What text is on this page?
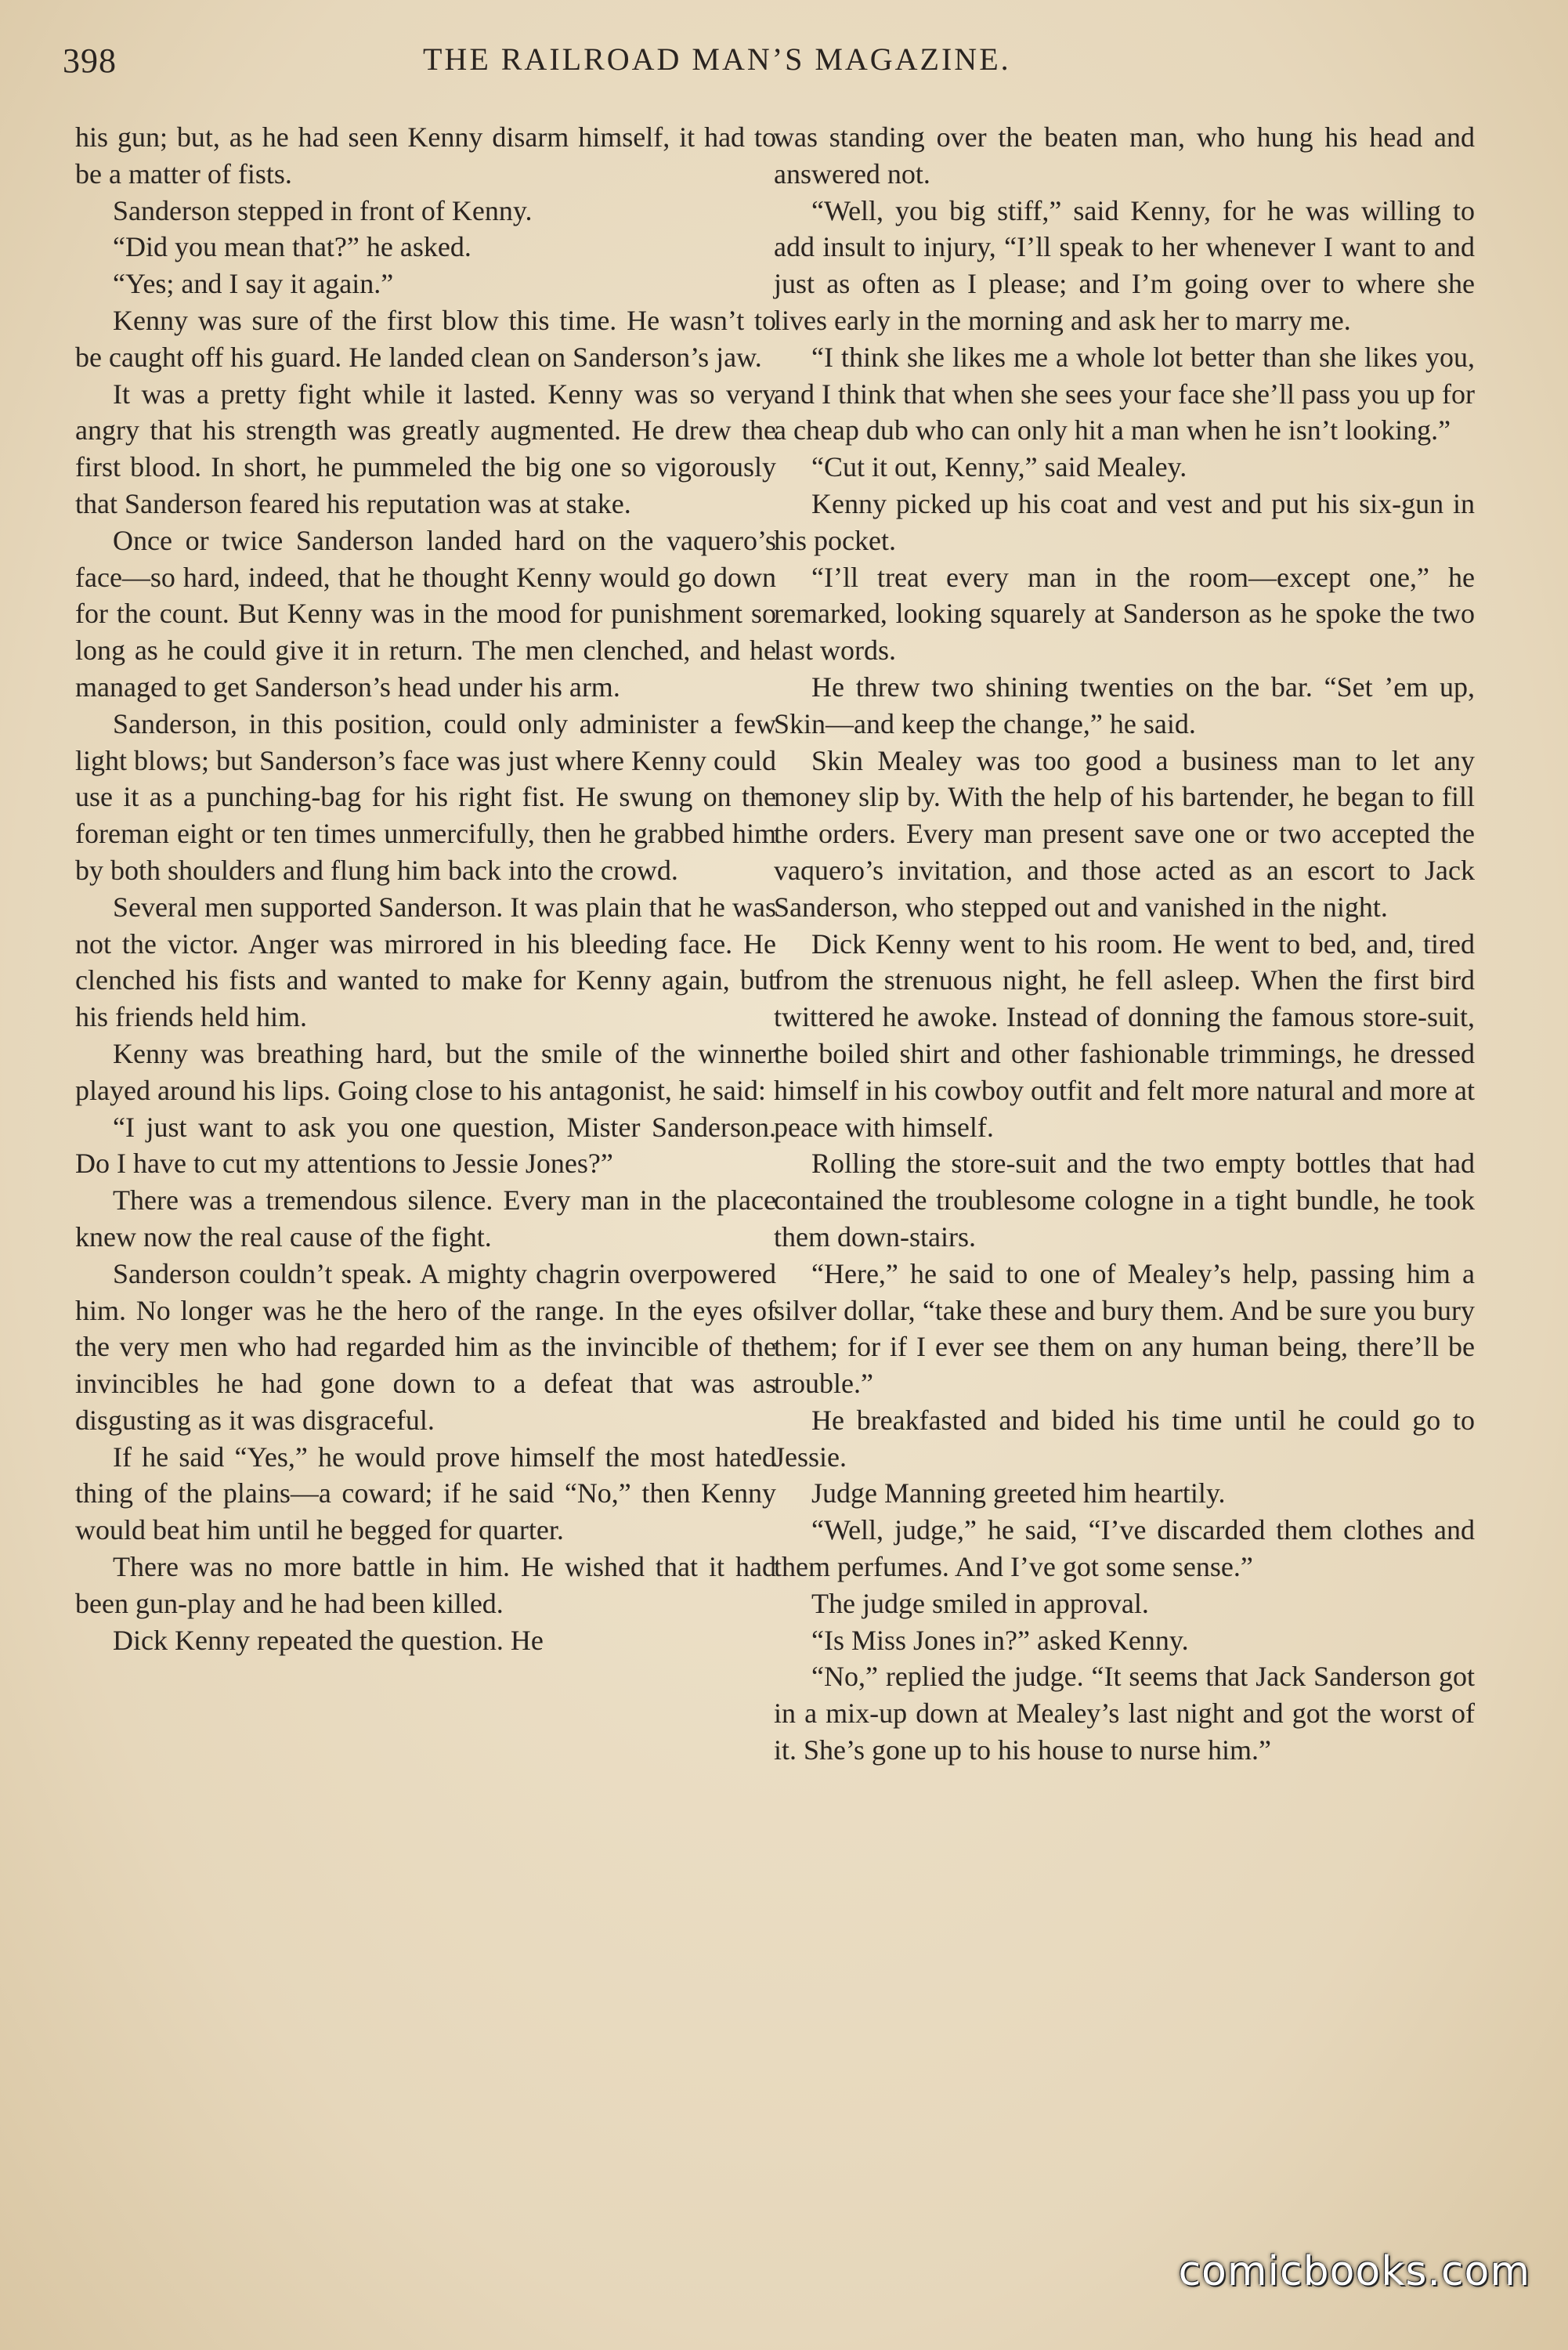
398	THE RAILROAD MAN’S MAGAZINE.

his gun; but, as he had seen Kenny disarm himself, it had to be a matter of fists.

Sanderson stepped in front of Kenny.

“Did you mean that?” he asked.

“Yes; and I say it again.”

Kenny was sure of the first blow this time. He wasn’t to be caught off his guard. He landed clean on Sanderson’s jaw.

It was a pretty fight while it lasted. Kenny was so very angry that his strength was greatly augmented. He drew the first blood. In short, he pummeled the big one so vigorously that Sanderson feared his reputation was at stake.

Once or twice Sanderson landed hard on the vaquero’s face—so hard, indeed, that he thought Kenny would go down for the count. But Kenny was in the mood for punishment so long as he could give it in return. The men clenched, and he managed to get Sanderson’s head under his arm.

Sanderson, in this position, could only administer a few light blows; but Sanderson’s face was just where Kenny could use it as a punching-bag for his right fist. He swung on the foreman eight or ten times unmercifully, then he grabbed him by both shoulders and flung him back into the crowd.

Several men supported Sanderson. It was plain that he was not the victor. Anger was mirrored in his bleeding face. He clenched his fists and wanted to make for Kenny again, but his friends held him.

Kenny was breathing hard, but the smile of the winner played around his lips. Going close to his antagonist, he said:

“I just want to ask you one question, Mister Sanderson. Do I have to cut my attentions to Jessie Jones?”

There was a tremendous silence. Every man in the place knew now the real cause of the fight.

Sanderson couldn’t speak. A mighty chagrin overpowered him. No longer was he the hero of the range. In the eyes of the very men who had regarded him as the invincible of the invincibles he had gone down to a defeat that was as disgusting as it was disgraceful.

If he said “Yes,” he would prove himself the most hated thing of the plains—a coward; if he said “No,” then Kenny would beat him until he begged for quarter.

There was no more battle in him. He wished that it had been gun-play and he had been killed.

Dick Kenny repeated the question. He

was standing over the beaten man, who hung his head and answered not.

“Well, you big stiff,” said Kenny, for he was willing to add insult to injury, “I’ll speak to her whenever I want to and just as often as I please; and I’m going over to where she lives early in the morning and ask her to marry me.

“I think she likes me a whole lot better than she likes you, and I think that when she sees your face she’ll pass you up for a cheap dub who can only hit a man when he isn’t looking.”

“Cut it out, Kenny,” said Mealey.

Kenny picked up his coat and vest and put his six-gun in his pocket.

“I’ll treat every man in the room—except one,” he remarked, looking squarely at Sanderson as he spoke the two last words.

He threw two shining twenties on the bar. “Set ’em up, Skin—and keep the change,” he said.

Skin Mealey was too good a business man to let any money slip by. With the help of his bartender, he began to fill the orders. Every man present save one or two accepted the vaquero’s invitation, and those acted as an escort to Jack Sanderson, who stepped out and vanished in the night.

Dick Kenny went to his room. He went to bed, and, tired from the strenuous night, he fell asleep. When the first bird twittered he awoke. Instead of donning the famous store-suit, the boiled shirt and other fashionable trimmings, he dressed himself in his cowboy outfit and felt more natural and more at peace with himself.

Rolling the store-suit and the two empty bottles that had contained the troublesome cologne in a tight bundle, he took them down-stairs.

“Here,” he said to one of Mealey’s help, passing him a silver dollar, “take these and bury them. And be sure you bury them; for if I ever see them on any human being, there’ll be trouble.”

He breakfasted and bided his time until he could go to Jessie.

Judge Manning greeted him heartily.

“Well, judge,” he said, “I’ve discarded them clothes and them perfumes. And I’ve got some sense.”

The judge smiled in approval.

“Is Miss Jones in?” asked Kenny.

“No,” replied the judge. “It seems that Jack Sanderson got in a mix-up down at Mealey’s last night and got the worst of it. She’s gone up to his house to nurse him.”

comicbooks.com
